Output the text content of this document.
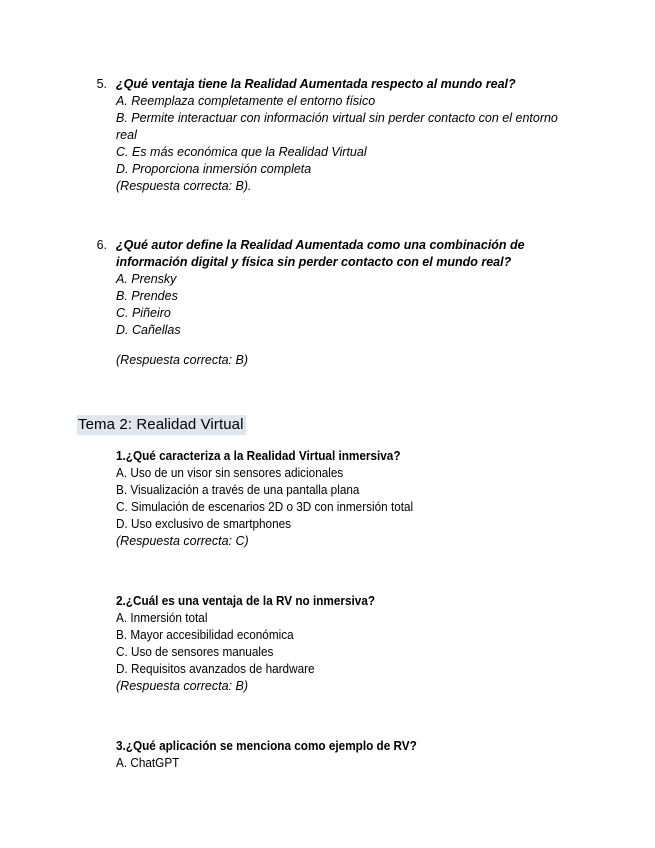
5. ¿Qué ventaja tiene la Realidad Aumentada respecto al mundo real?
A. Reemplaza completamente el entorno físico
B. Permite interactuar con información virtual sin perder contacto con el entorno
real
C. Es más económica que la Realidad Virtual
D. Proporciona inmersión completa
(Respuesta correcta: B).
6. ¿Qué autor define la Realidad Aumentada como una combinación de
información digital y física sin perder contacto con el mundo real?
A. Prensky
B. Prendes
C. Piñeiro
D. Cañellas
(Respuesta correcta: B)
Tema 2: Realidad Virtual
1.¿Qué caracteriza a la Realidad Virtual inmersiva?
A. Uso de un visor sin sensores adicionales
B. Visualización a través de una pantalla plana
C. Simulación de escenarios 2D o 3D con inmersión total
D. Uso exclusivo de smartphones
(Respuesta correcta: C)
2.¿Cuál es una ventaja de la RV no inmersiva?
A. Inmersión total
B. Mayor accesibilidad económica
C. Uso de sensores manuales
D. Requisitos avanzados de hardware
(Respuesta correcta: B)
3.¿Qué aplicación se menciona como ejemplo de RV?
A. ChatGPT
